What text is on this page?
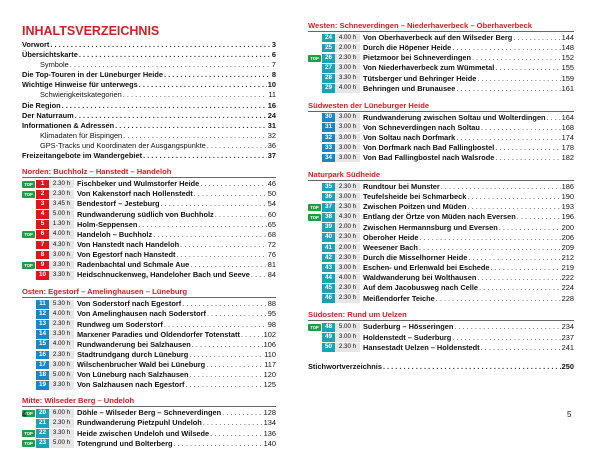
INHALTSVERZEICHNIS
Vorwort . . .	3
Übersichtskarte . . .	6
Symbole . . .	7
Die Top-Touren in der Lüneburger Heide . . .	8
Wichtige Hinweise für unterwegs . . .	10
Schwierigkeitskategorien . . .	11
Die Region . . .	16
Der Naturraum . . .	24
Informationen & Adressen . . .	31
Klimadaten für Bispingen . . .	32
GPS-Tracks und Koordinaten der Ausgangspunkte . . .	36
Freizeitangebote im Wandergebiet . . .	37
Norden: Buchholz – Hanstedt – Handeloh
TOP	1	2.30 h Fischbeker und Wulmstorfer Heide . . .	46
TOP	2	2.30 h Von Kakenstorf nach Hollenstedt . . .	50
3	3.45 h Bendestorf – Jesteburg . . .	54
4	5.00 h Rundwanderung südlich von Buchholz . . .	60
5	1.30 h Holm-Seppensen . . .	65
TOP	6	4.00 h Handeloh – Buchholz . . .	68
7	4.30 h Von Hanstedt nach Handeloh . . .	72
8	3.00 h Von Egestorf nach Hanstedt . . .	76
TOP	9	3.30 h Radenbachtal und Schmale Aue . . .	81
10	3.30 h Heidschnuckenweg, Handeloher Bach und Seeve . . . 84
Osten: Egestorf – Amelinghausen – Lüneburg
11	5.30 h Von Soderstorf nach Egestorf . . .	88
12	4.00 h Von Amelinghausen nach Soderstorf . . .	95
13	2.30 h Rundweg um Soderstorf . . .	98
14	3.30 h Marxener Paradies und Oldendorfer Totenstatt . . .	102
15	4.00 h Rundwanderung bei Salzhausen . . .	106
16	2.30 h Stadtrundgang durch Lüneburg . . .	110
17	3.00 h Wilschenbrucher Wald bei Lüneburg . . .	117
18	5.00 h Von Lüneburg nach Salzhausen . . .	120
19	3.30 h Von Salzhausen nach Egestorf . . .	125
Mitte: Wilseder Berg – Undeloh
TOP 20	6.00 h Döhle – Wilseder Berg – Schneverdingen . . .	128
21	2.30 h Rundwanderung Pietzpuhl Undeloh . . .	134
TOP 22	3.30 h Heide zwischen Undeloh und Wilsede . . .	136
TOP 23	5.00 h Totengrund und Bolterberg . . .	140
Westen: Schneverdingen – Niederhaverbeck – Oberhaverbeck
24	4.00 h Von Oberhaverbeck auf den Wilseder Berg . . .	144
25	2.00 h Durch die Höpener Heide . . .	148
TOP 26	2.30 h Pietzmoor bei Schneverdingen . . .	152
27	3.00 h Von Niederhaverbeck zum Wümmetal . . .	155
28	3.30 h Tütsberger und Behringer Heide . . .	159
29	4.00 h Behringen und Brunausee . . .	161
Südwesten der Lüneburger Heide
30	3.00 h Rundwanderung zwischen Soltau und Wolterdingen . . . 164
31	3.00 h Von Schneverdingen nach Soltau . . .	168
32	3.00 h Von Soltau nach Dorfmark . . .	174
33	3.00 h Von Dorfmark nach Bad Fallingbostel . . .	178
34	3.00 h Von Bad Fallingbostel nach Walsrode . . .	182
Naturpark Südheide
35	2.30 h Rundtour bei Munster . . .	186
36	3.00 h Teufelsheide bei Schmarbeck . . .	190
TOP 37	2.30 h Zwischen Poitzen und Müden . . .	193
TOP 38	4.30 h Entlang der Örtze von Müden nach Eversen . . .	196
39	2.00 h Zwischen Hermannsburg und Eversen . . .	200
40	2.30 h Oberoher Heide . . .	206
41	2.00 h Weesener Bach . . .	209
42	2.30 h Durch die Misselhorner Heide . . .	212
43	3.00 h Eschen- und Erlenwald bei Eschede . . .	219
44	4.00 h Waldwanderung bei Wolthausen . . .	222
45	2.30 h Auf dem Jacobusweg nach Celle . . .	224
46	2.30 h Meißendorfer Teiche . . .	228
Südosten: Rund um Uelzen
TOP 48	5.00 h Suderburg – Hösseringen . . .	234
49	3.00 h Holdenstedt – Suderburg . . .	237
50	2.30 h Hansestadt Uelzen – Holdenstedt . . .	241
Stichwortverzeichnis . . .	250
4	5
